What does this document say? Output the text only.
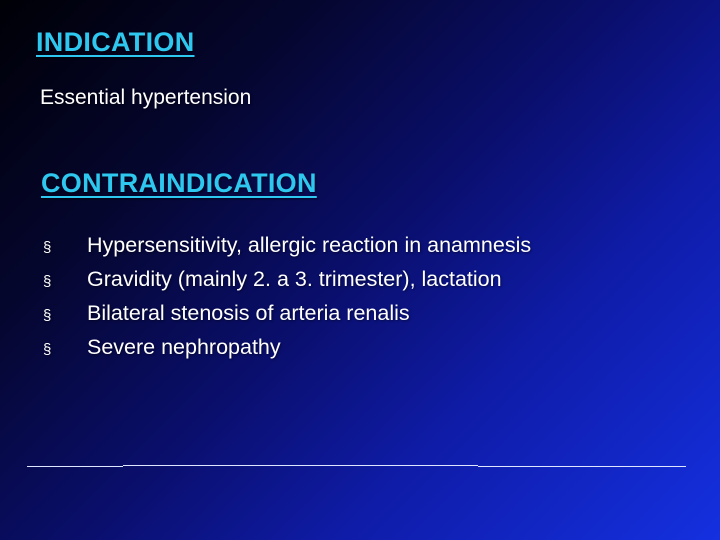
INDICATION
Essential hypertension
CONTRAINDICATION
§	Hypersensitivity, allergic reaction in anamnesis
§	Gravidity (mainly 2. a 3. trimester), lactation
§	Bilateral stenosis of arteria renalis
§	Severe nephropathy
